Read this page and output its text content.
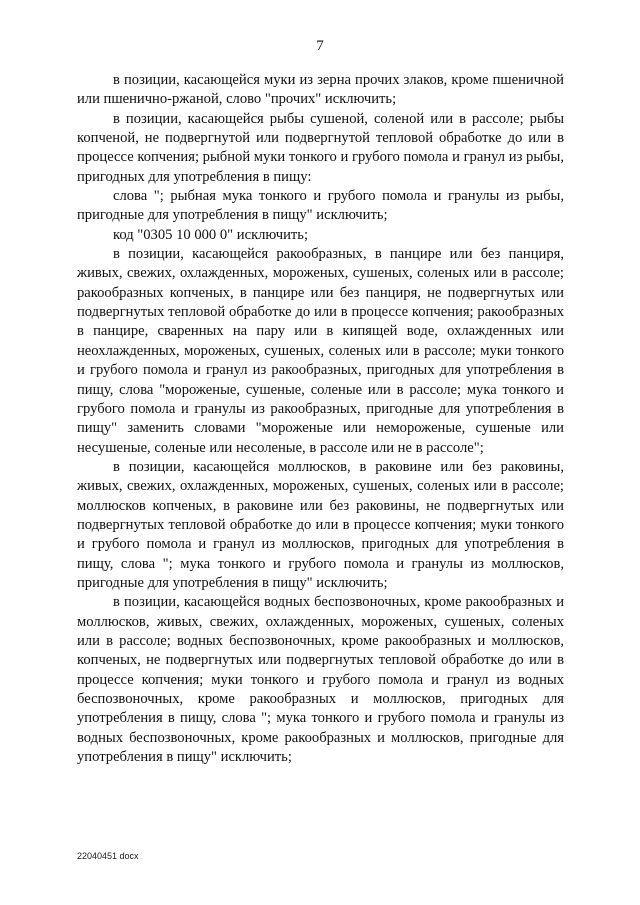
7

в позиции, касающейся муки из зерна прочих злаков, кроме пшеничной или пшенично-ржаной, слово "прочих" исключить;

в позиции, касающейся рыбы сушеной, соленой или в рассоле; рыбы копченой, не подвергнутой или подвергнутой тепловой обработке до или в процессе копчения; рыбной муки тонкого и грубого помола и гранул из рыбы, пригодных для употребления в пищу:

слова "; рыбная мука тонкого и грубого помола и гранулы из рыбы, пригодные для употребления в пищу" исключить;

код "0305 10 000 0" исключить;

в позиции, касающейся ракообразных, в панцире или без панциря, живых, свежих, охлажденных, мороженых, сушеных, соленых или в рассоле; ракообразных копченых, в панцире или без панциря, не подвергнутых или подвергнутых тепловой обработке до или в процессе копчения; ракообразных в панцире, сваренных на пару или в кипящей воде, охлажденных или неохлажденных, мороженых, сушеных, соленых или в рассоле; муки тонкого и грубого помола и гранул из ракообразных, пригодных для употребления в пищу, слова "мороженые, сушеные, соленые или в рассоле; мука тонкого и грубого помола и гранулы из ракообразных, пригодные для употребления в пищу" заменить словами "мороженые или немороженые, сушеные или несушеные, соленые или несоленые, в рассоле или не в рассоле";

в позиции, касающейся моллюсков, в раковине или без раковины, живых, свежих, охлажденных, мороженых, сушеных, соленых или в рассоле; моллюсков копченых, в раковине или без раковины, не подвергнутых или подвергнутых тепловой обработке до или в процессе копчения; муки тонкого и грубого помола и гранул из моллюсков, пригодных для употребления в пищу, слова "; мука тонкого и грубого помола и гранулы из моллюсков, пригодные для употребления в пищу" исключить;

в позиции, касающейся водных беспозвоночных, кроме ракообразных и моллюсков, живых, свежих, охлажденных, мороженых, сушеных, соленых или в рассоле; водных беспозвоночных, кроме ракообразных и моллюсков, копченых, не подвергнутых или подвергнутых тепловой обработке до или в процессе копчения; муки тонкого и грубого помола и гранул из водных беспозвоночных, кроме ракообразных и моллюсков, пригодных для употребления в пищу, слова "; мука тонкого и грубого помола и гранулы из водных беспозвоночных, кроме ракообразных и моллюсков, пригодные для употребления в пищу" исключить;

22040451 docx
